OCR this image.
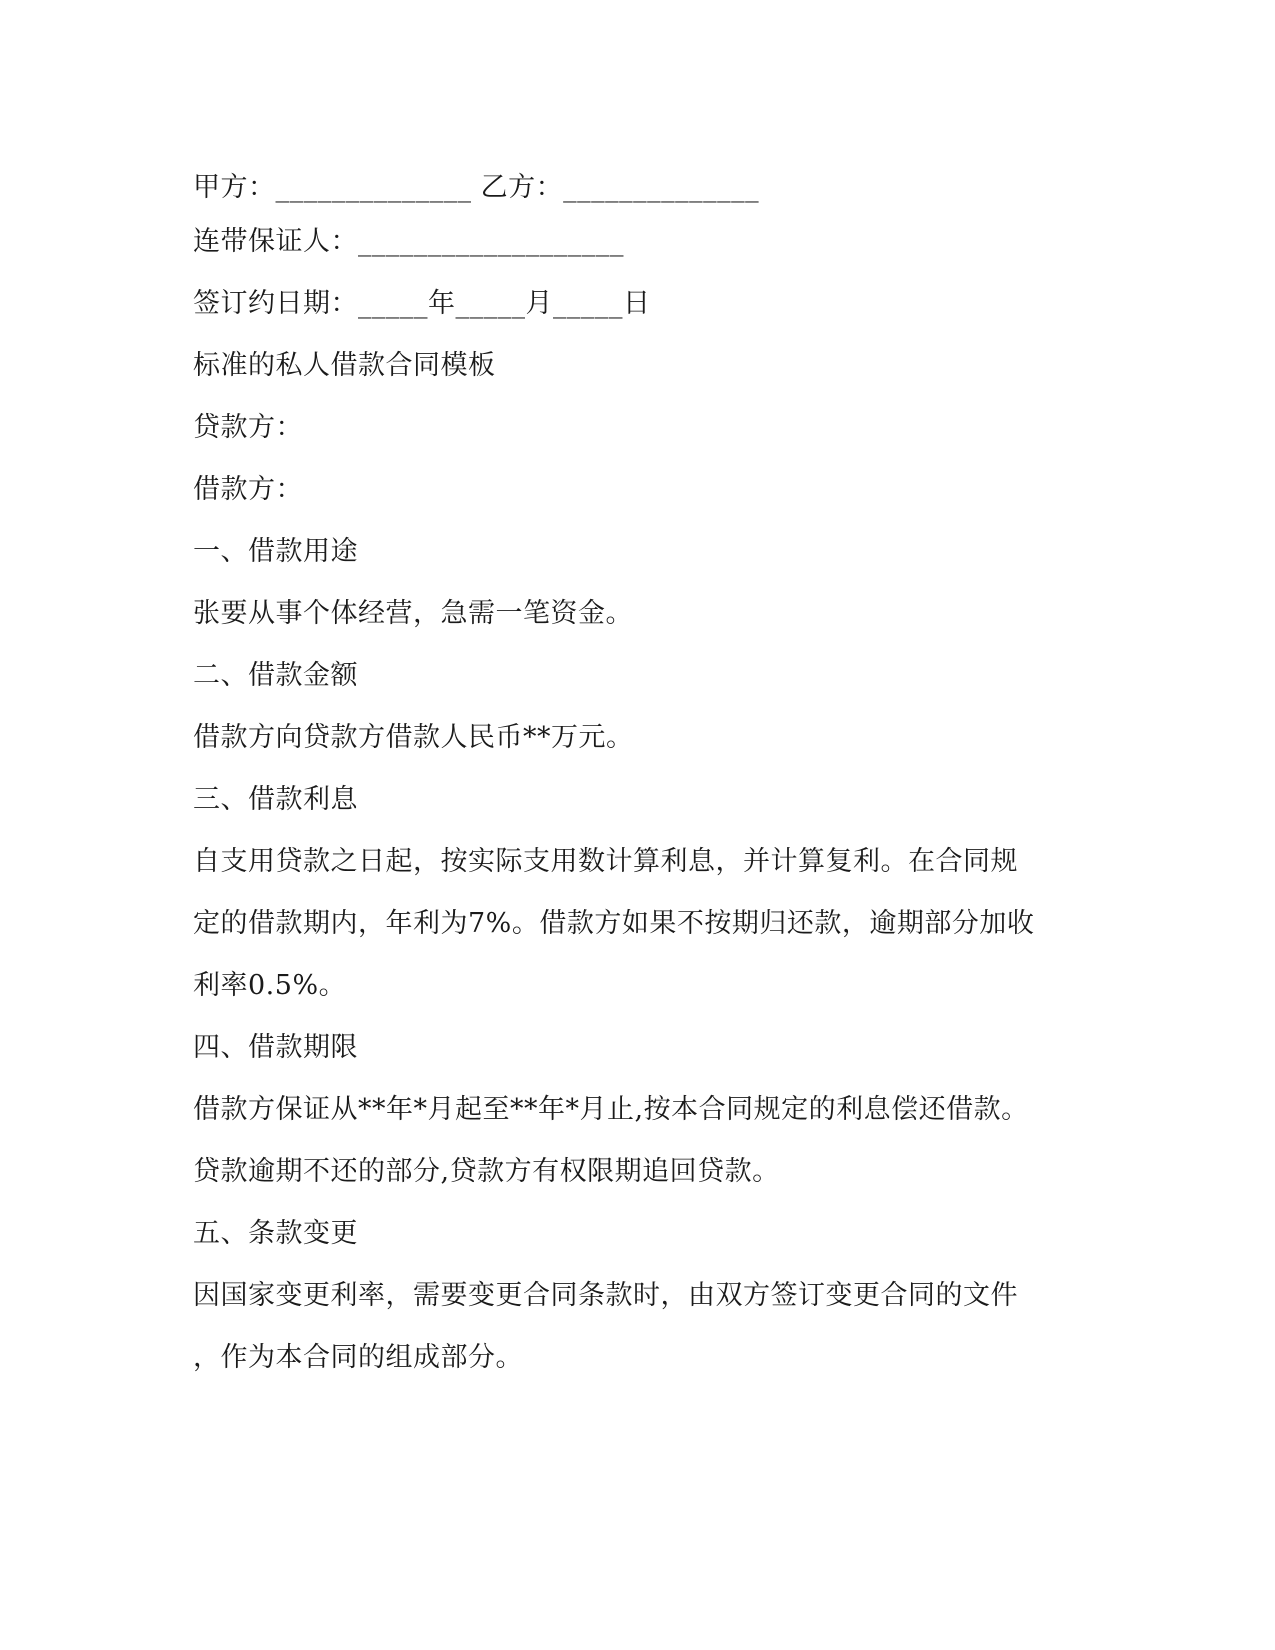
甲方：______________ 乙方：______________
连带保证人：___________________
签订约日期：_____年_____月_____日
标准的私人借款合同模板
贷款方：
借款方：
一、借款用途
张要从事个体经营，急需一笔资金。
二、借款金额
借款方向贷款方借款人民币**万元。
三、借款利息
自支用贷款之日起，按实际支用数计算利息，并计算复利。在合同规
定的借款期内，年利为7%。借款方如果不按期归还款，逾期部分加收
利率0.5%。
四、借款期限
借款方保证从**年*月起至**年*月止,按本合同规定的利息偿还借款。
贷款逾期不还的部分,贷款方有权限期追回贷款。
五、条款变更
因国家变更利率，需要变更合同条款时，由双方签订变更合同的文件
，作为本合同的组成部分。
